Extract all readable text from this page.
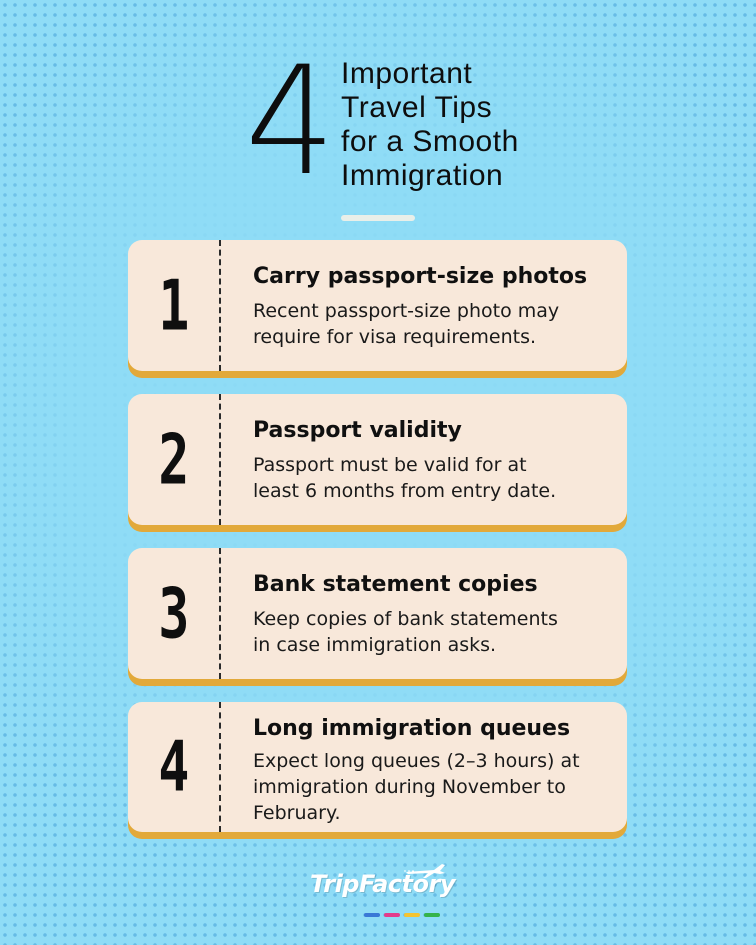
4 Important
Travel Tips
for a Smooth
Immigration
1	Carry passport-size photos
Recent passport-size photo may
require for visa requirements.
2	Passport validity
Passport must be valid for at
least 6 months from entry date.
3	Bank statement copies
Keep copies of bank statements
in case immigration asks.
4	Long immigration queues
Expect long queues (2–3 hours) at
immigration during November to
February.
TripFactory
